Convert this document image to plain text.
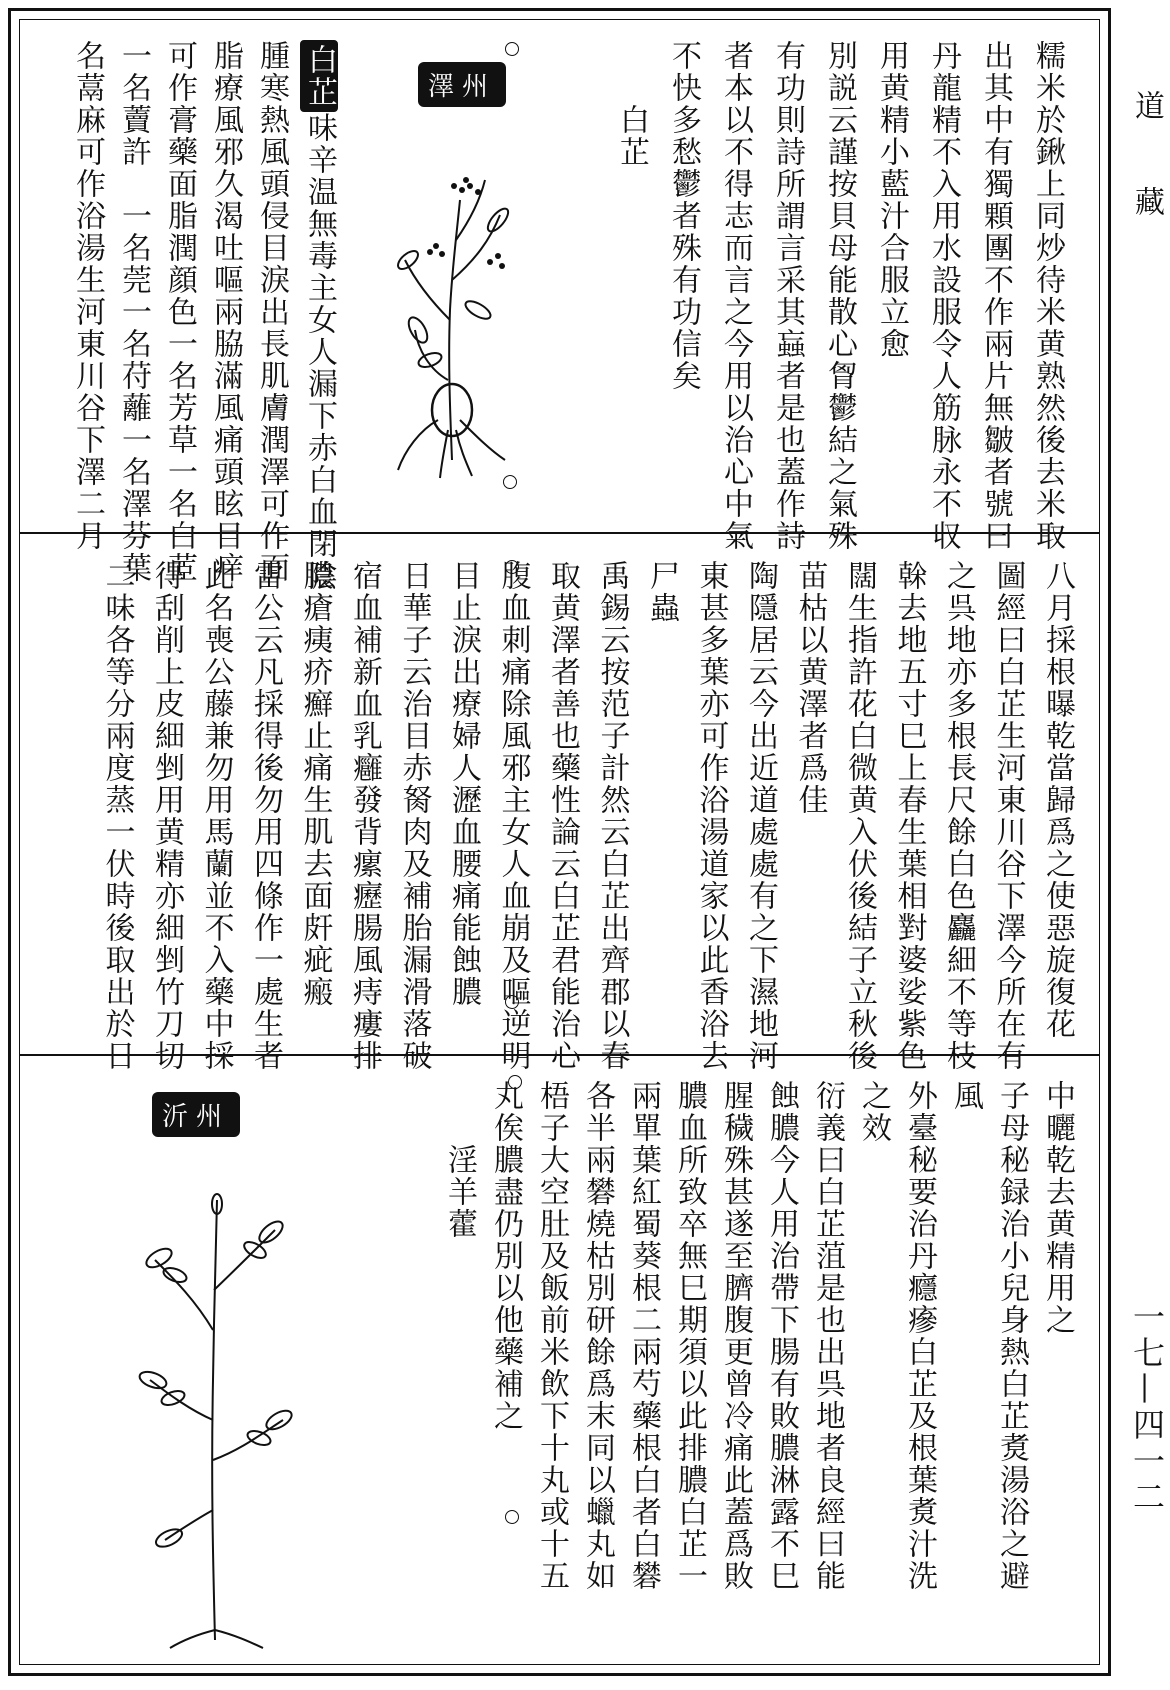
道　藏
一七—四一二
糯米於鍬上同炒待米黄熟然後去米取
出其中有獨顆團不作兩片無皺者號曰
丹龍精不入用水設服令人筋脉永不収
用黄精小藍汁合服立愈
別説云謹按貝母能散心胷鬱結之氣殊
有功則詩所謂言采其蝱者是也蓋作詩
者本以不得志而言之今用以治心中氣
不快多愁鬱者殊有功信矣
　　白芷
澤州
白芷味辛温無毒主女人漏下赤白血閉陰
腫寒熱風頭侵目淚出長肌膚潤澤可作面
脂療風邪久渴吐嘔兩脇滿風痛頭眩目痒
可作膏藥面脂潤顔色一名芳草一名白茝
一名藚許　一名莞一名苻蘺一名澤芬葉
名蒚麻可作浴湯生河東川谷下澤二月
八月採根曝乾當歸爲之使惡旋復花
圖經曰白芷生河東川谷下澤今所在有
之呉地亦多根長尺餘白色麤細不等枝
榦去地五寸巳上春生葉相對婆娑紫色
闊生指許花白微黄入伏後結子立秋後
苗枯以黄澤者爲佳
陶隱居云今出近道處處有之下濕地河
東甚多葉亦可作浴湯道家以此香浴去
尸蟲
禹錫云按范子計然云白芷出齊郡以春
取黄澤者善也藥性論云白芷君能治心
腹血刺痛除風邪主女人血崩及嘔逆明
目止淚出療婦人瀝血腰痛能蝕膿
日華子云治目赤胬肉及補胎漏滑落破
宿血補新血乳癰發背瘰癧腸風痔瘻排
膿瘡痍疥癬止痛生肌去面皯疵瘢
雷公云凡採得後勿用四條作一處生者
此名喪公藤兼勿用馬蘭並不入藥中採
得刮削上皮細剉用黄精亦細剉竹刀切
二味各等分兩度蒸一伏時後取出於日
中曬乾去黄精用之
子母秘録治小兒身熱白芷煑湯浴之避
風
外臺秘要治丹癮瘮白芷及根葉煑汁洗
之效
衍義曰白芷菹是也出呉地者良經曰能
蝕膿今人用治帶下腸有敗膿淋露不巳
腥穢殊甚遂至臍腹更曾冷痛此蓋爲敗
膿血所致卒無巳期須以此排膿白芷一
兩單葉紅蜀葵根二兩芍藥根白者白礬
各半兩礬燒枯別研餘爲末同以蠟丸如
梧子大空肚及飯前米飲下十丸或十五
丸俟膿盡仍別以他藥補之
　　淫羊藿
沂州
